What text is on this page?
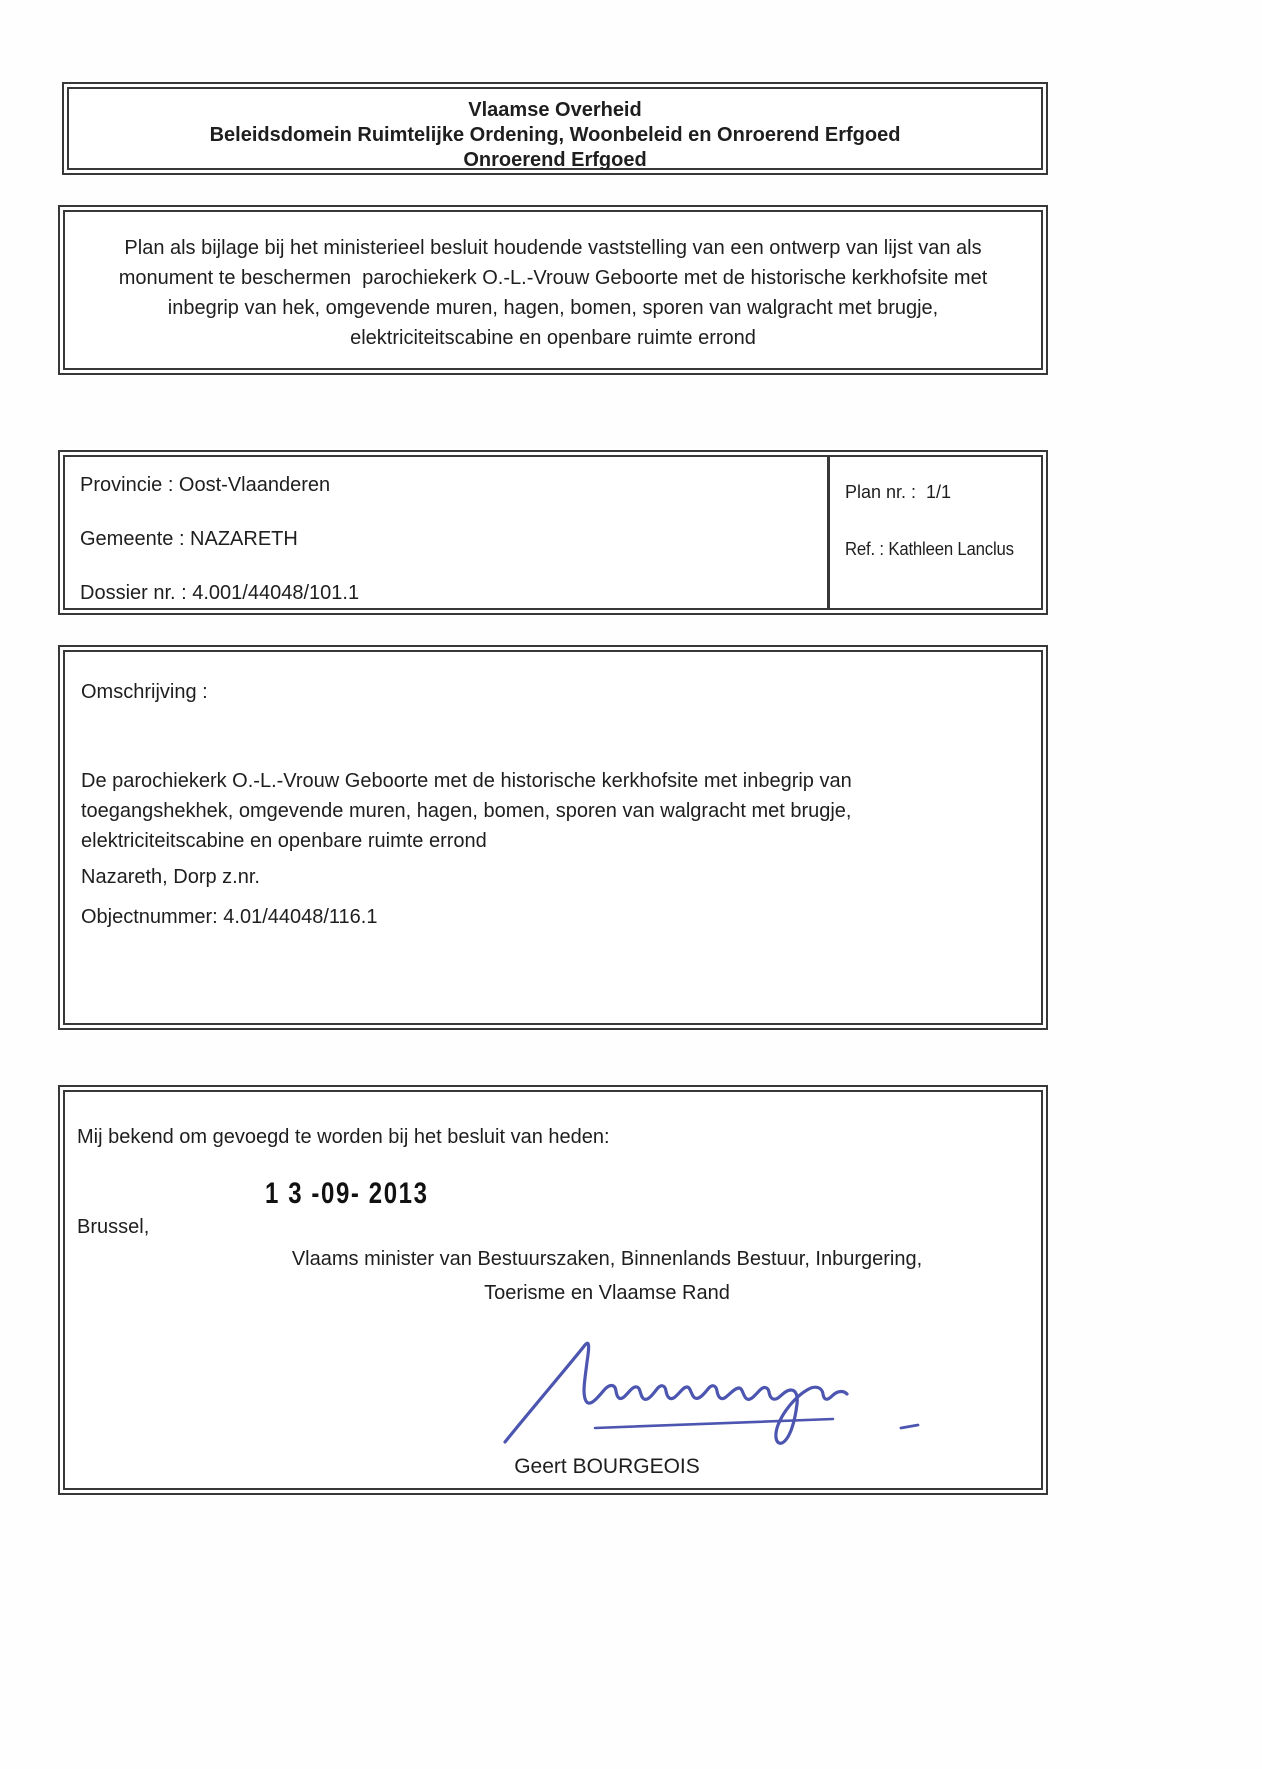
Vlaamse Overheid
Beleidsdomein Ruimtelijke Ordening, Woonbeleid en Onroerend Erfgoed
Onroerend Erfgoed
Plan als bijlage bij het ministerieel besluit houdende vaststelling van een ontwerp van lijst van als
monument te beschermen  parochiekerk O.-L.-Vrouw Geboorte met de historische kerkhofsite met
inbegrip van hek, omgevende muren, hagen, bomen, sporen van walgracht met brugje,
elektriciteitscabine en openbare ruimte errond
Provincie : Oost-Vlaanderen
Gemeente : NAZARETH
Dossier nr. : 4.001/44048/101.1
Plan nr. :  1/1
Ref. : Kathleen Lanclus
Omschrijving :
De parochiekerk O.-L.-Vrouw Geboorte met de historische kerkhofsite met inbegrip van
toegangshekhek, omgevende muren, hagen, bomen, sporen van walgracht met brugje,
elektriciteitscabine en openbare ruimte errond
Nazareth, Dorp z.nr.
Objectnummer: 4.01/44048/116.1
Mij bekend om gevoegd te worden bij het besluit van heden:
1 3 -09- 2013
Brussel,
Vlaams minister van Bestuurszaken, Binnenlands Bestuur, Inburgering,
Toerisme en Vlaamse Rand
Geert BOURGEOIS
